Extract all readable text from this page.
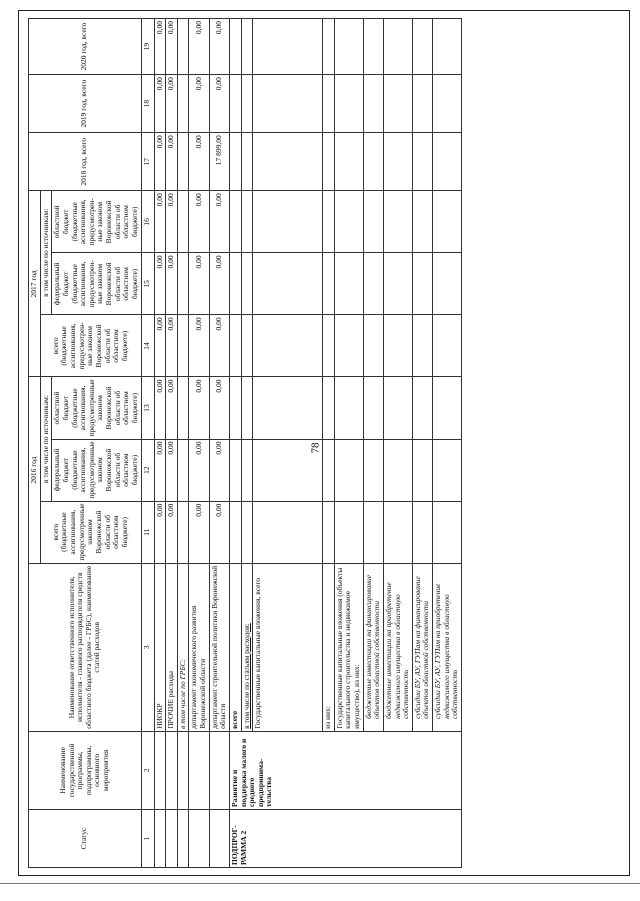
78
Статус	Наименование государственной программы, подпрограммы, основного мероприятия	Наименование ответственного исполнителя, исполнителя - главного распорядителя средств областного бюджета (далее - ГРБС), наименование статей расходов	2016 год			2017 год			2018 год, всего	2019 год, всего	2020 год, всего
			всего (бюджетные ассигнования, предусмотренные законом Воронежской области об областном бюджете)	в том числе по источникам:		всего (бюджетные ассигнования, предусмотрен-ные законом Воронежской области об областном бюджете)	в том числе по источникам:				
				федеральный бюджет (бюджетные ассигнования, предусмотренные законом Воронежской области об областном бюджете)	областной бюджет (бюджетные ассигнования, предусмотренные законом Воронежской области об областном бюджете)		федеральный бюджет (бюджетные ассигнования, предусмотрен-ные законом Воронежской области об областном бюджете)	областной бюджет (бюджетные ассигнования, предусмотрен-ные законом Воронежской области об областном бюджете)			
1	2	3	11	12	13	14	15	16	17	18	19
		НИОКР	0,00	0,00	0,00	0,00	0,00	0,00	0,00	0,00	0,00
		ПРОЧИЕ расходы	0,00	0,00	0,00	0,00	0,00	0,00	0,00	0,00	0,00
		в том числе по ГРБС:									
		департамент экономического развития Воронежской области	0,00	0,00	0,00	0,00	0,00	0,00	0,00	0,00	0,00
		департамент строительной политики Воронежской области	0,00	0,00	0,00	0,00	0,00	0,00	17 899,00	0,00	0,00
ПОДПРОГ-РАММА 2	Развитие и поддержка малого и среднего предпринима-тельства	всего									
		в том числе по статьям расходов:									
		Государственные капитальные вложения, всего									
		из них:									
		Государственные капитальные вложения (объекты капитального строительства и недвижимое имущество), из них:									
		бюджетные инвестиции на финансирование объектов областной собственности									
		бюджетные инвестиции на приобретение недвижимого имущества в областную собственность									
		субсидии БУ, АУ, ГУПам на финансирование объектов областной собственности									
		субсидии БУ, АУ, ГУПам на приобретение недвижимого имущества в областную собственность									
